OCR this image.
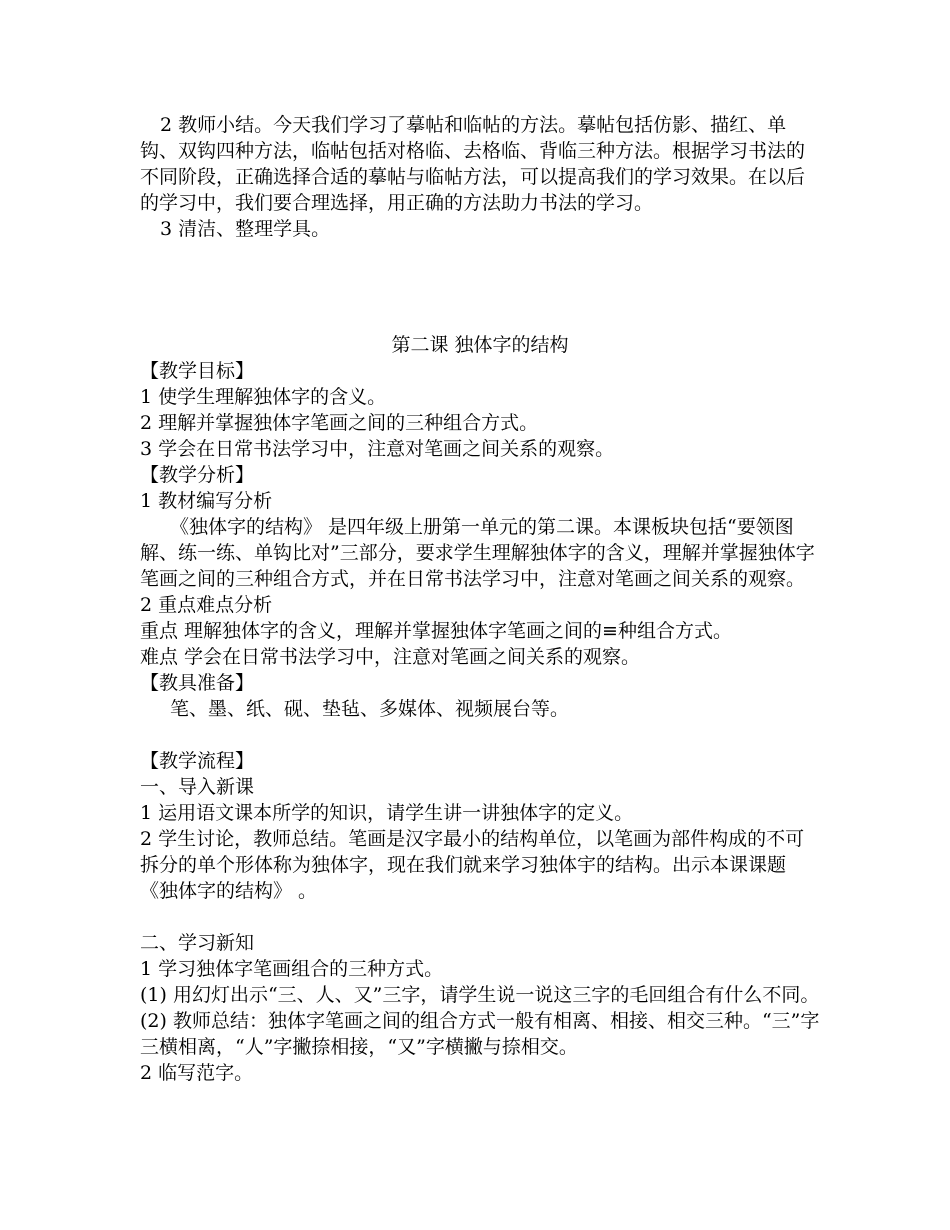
2 教师小结。今天我们学习了摹帖和临帖的方法。摹帖包括仿影、描红、单钩、双钩四种方法，临帖包括对格临、去格临、背临三种方法。根据学习书法的不同阶段，正确选择合适的摹帖与临帖方法，可以提高我们的学习效果。在以后的学习中，我们要合理选择，用正确的方法助力书法的学习。

3 清洁、整理学具。

第二课 独体字的结构

【教学目标】

1 使学生理解独体字的含义。

2 理解并掌握独体字笔画之间的三种组合方式。

3 学会在日常书法学习中，注意对笔画之间关系的观察。

【教学分析】

1 教材编写分析

《独体字的结构》 是四年级上册第一单元的第二课。本课板块包括“要领图解、练一练、单钩比对”三部分，要求学生理解独体字的含义，理解并掌握独体字笔画之间的三种组合方式，并在日常书法学习中，注意对笔画之间关系的观察。

2 重点难点分析

重点 理解独体字的含义，理解并掌握独体字笔画之间的≡种组合方式。

难点 学会在日常书法学习中，注意对笔画之间关系的观察。

【教具准备】

笔、墨、纸、砚、垫毡、多媒体、视频展台等。

【教学流程】

一、导入新课

1 运用语文课本所学的知识，请学生讲一讲独体字的定义。

2 学生讨论，教师总结。笔画是汉字最小的结构单位，以笔画为部件构成的不可拆分的单个形体称为独体字，现在我们就来学习独体宇的结构。出示本课课题 《独体字的结构》 。

二、学习新知

1 学习独体字笔画组合的三种方式。

(1) 用幻灯出示“三、人、又”三字，请学生说一说这三字的毛回组合有什么不同。

(2) 教师总结：独体字笔画之间的组合方式一般有相离、相接、相交三种。“三”字三横相离，“人”字撇捺相接，“又”字横撇与捺相交。

2 临写范字。
